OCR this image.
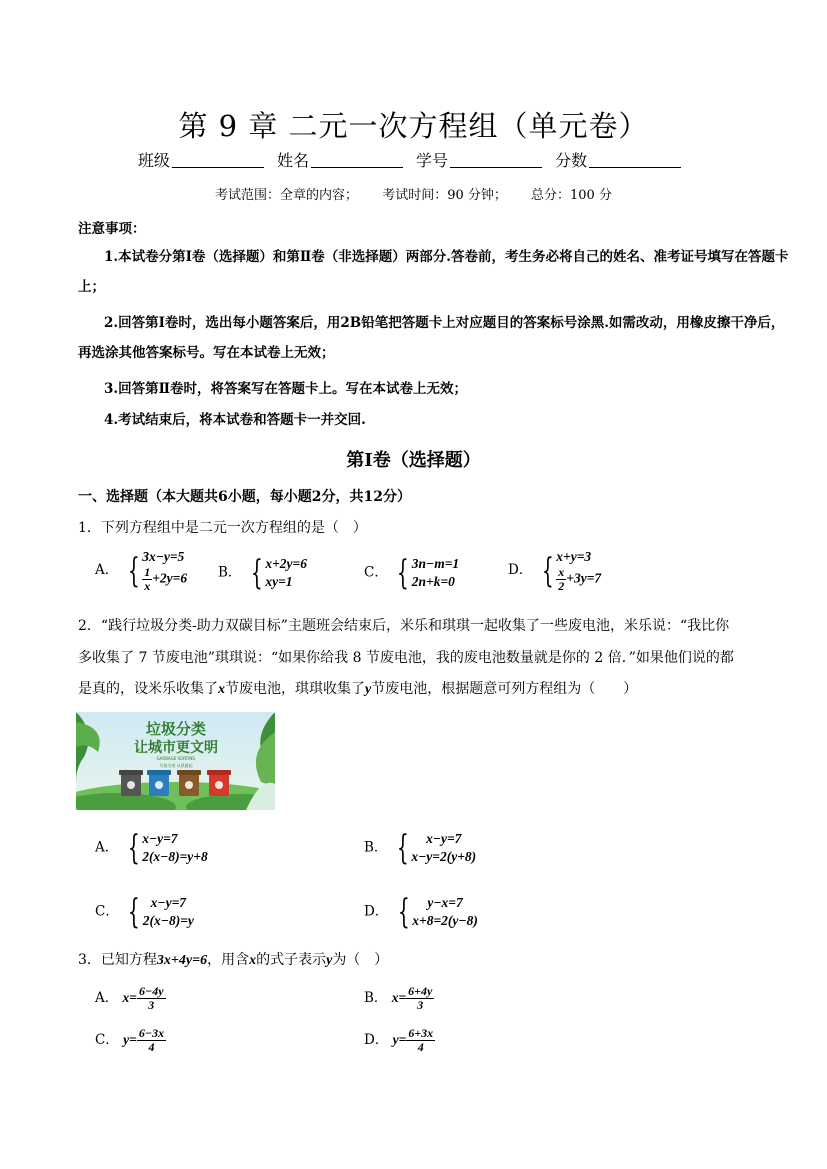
第 9 章 二元一次方程组（单元卷）
班级	姓名	学号	分数
考试范围：全章的内容； 考试时间：90 分钟； 总分：100 分
注意事项：
1.本试卷分第Ⅰ卷（选择题）和第Ⅱ卷（非选择题）两部分.答卷前，考生务必将自己的姓名、准考证号填写在答题卡上；
2.回答第Ⅰ卷时，选出每小题答案后，用2B铅笔把答题卡上对应题目的答案标号涂黑.如需改动，用橡皮擦干净后，再选涂其他答案标号。写在本试卷上无效；
3.回答第Ⅱ卷时，将答案写在答题卡上。写在本试卷上无效；
4.考试结束后，将本试卷和答题卡一并交回.
第Ⅰ卷（选择题）
一、选择题（本大题共6小题，每小题2分，共12分）
1．下列方程组中是二元一次方程组的是（　）
A． { 3x−y=5
$\frac{1}{x} +2y=6$ B． { x+2y=6
xy=1
C． { 3n−m=1
2n+k=0
D． { x+y=3
$\frac{x}{2} +3y=7$
2．“践行垃圾分类-助力双碳目标”主题班会结束后，米乐和琪琪一起收集了一些废电池，米乐说：“我比你
多收集了 7 节废电池”琪琪说：“如果你给我 8 节废电池，我的废电池数量就是你的 2 倍．”如果他们说的都
是真的，设米乐收集了x节废电池，琪琪收集了y节废电池，根据题意可列方程组为（　　）
垃圾分类
让城市更文明
GARBAGE SORTING
垃圾分类 从我做起
A． { x−y=7
2(x−8)=y+8
B． { x−y=7
x−y=2(y+8)
C． { x−y=7
2(x−8)=y
D． { y−x=7
x+8=2(y−8)
3．已知方程3x+4y=6，用含x的式子表示y为（　）
A． $x= \frac{6-4y}{3}$	B． $x= \frac{6+4y}{3}$
C． $y= \frac{6-3x}{4}$	D． $y= \frac{6+3x}{4}$
